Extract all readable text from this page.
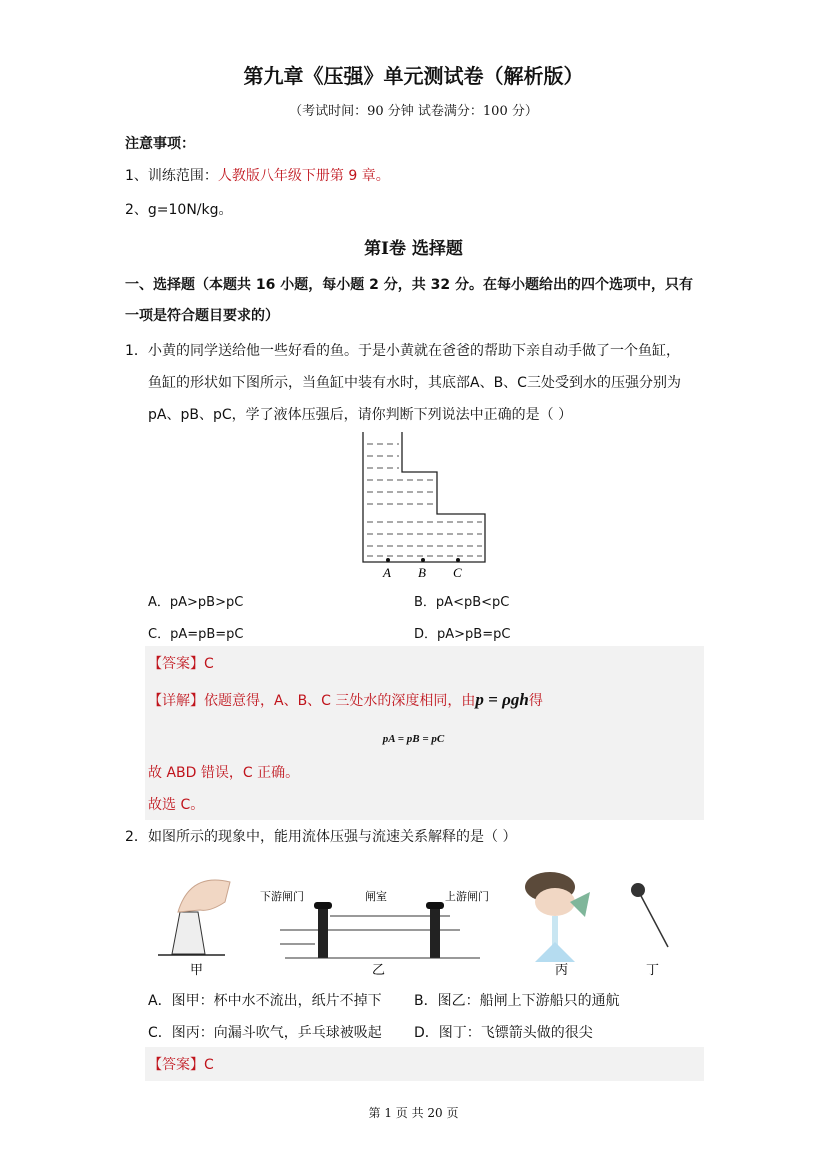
第九章《压强》单元测试卷（解析版）
（考试时间：90 分钟 试卷满分：100 分）
注意事项：
1、训练范围：人教版八年级下册第 9 章。
2、g=10N/kg。
第Ⅰ卷 选择题
一、选择题（本题共 16 小题，每小题 2 分，共 32 分。在每小题给出的四个选项中，只有
一项是符合题目要求的）
1． 小黄的同学送给他一些好看的鱼。于是小黄就在爸爸的帮助下亲自动手做了一个鱼缸，
鱼缸的形状如下图所示，当鱼缸中装有水时，其底部A、B、C三处受到水的压强分别为
pA、pB、pC，学了液体压强后，请你判断下列说法中正确的是（ ）
A B C
A．pA>pB>pC	B．pA<pB<pC
C．pA=pB=pC	D．pA>pB=pC
【答案】C
【详解】依题意得，A、B、C 三处水的深度相同，由p = ρgh得
pA = pB = pC
故 ABD 错误，C 正确。
故选 C。
2． 如图所示的现象中，能用流体压强与流速关系解释的是（ ）
甲
下游闸门	闸室	上游闸门
乙	丙	丁
A．图甲：杯中水不流出，纸片不掉下 B．图乙：船闸上下游船只的通航
C．图丙：向漏斗吹气，乒乓球被吸起 D．图丁：飞镖箭头做的很尖
【答案】C
第 1 页 共 20 页
